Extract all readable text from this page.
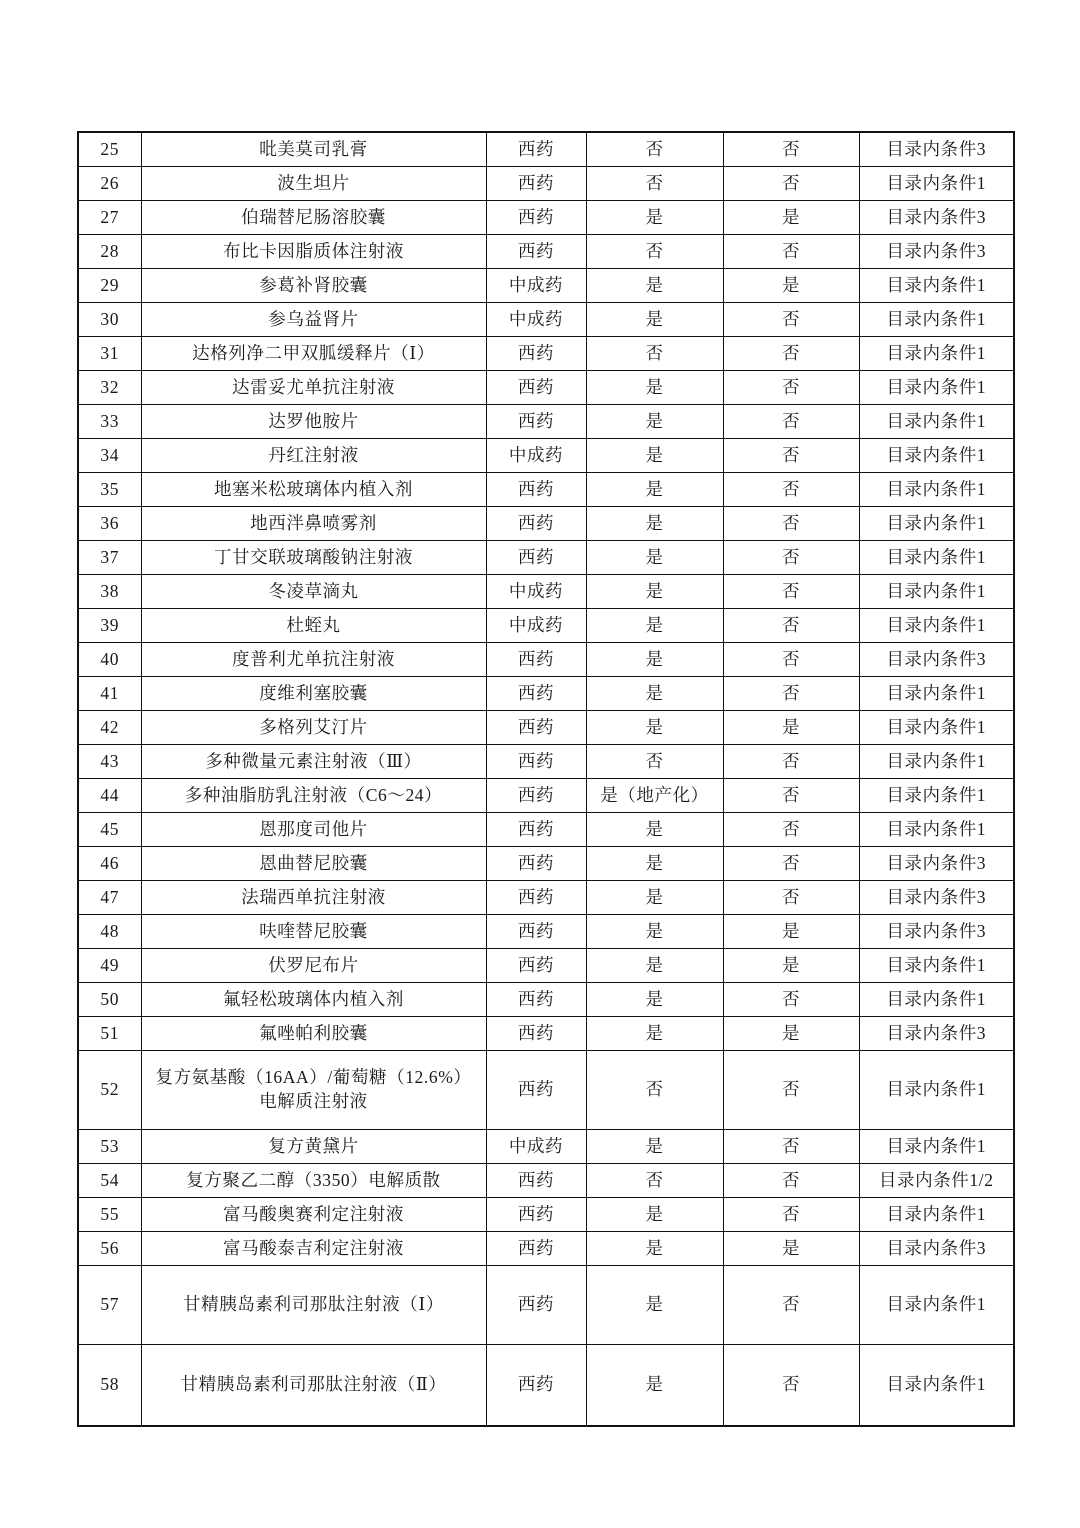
25	吡美莫司乳膏	西药	否	否	目录内条件3
26	波生坦片	西药	否	否	目录内条件1
27	伯瑞替尼肠溶胶囊	西药	是	是	目录内条件3
28	布比卡因脂质体注射液	西药	否	否	目录内条件3
29	参葛补肾胶囊	中成药	是	是	目录内条件1
30	参乌益肾片	中成药	是	否	目录内条件1
31	达格列净二甲双胍缓释片（Ⅰ）	西药	否	否	目录内条件1
32	达雷妥尤单抗注射液	西药	是	否	目录内条件1
33	达罗他胺片	西药	是	否	目录内条件1
34	丹红注射液	中成药	是	否	目录内条件1
35	地塞米松玻璃体内植入剂	西药	是	否	目录内条件1
36	地西泮鼻喷雾剂	西药	是	否	目录内条件1
37	丁甘交联玻璃酸钠注射液	西药	是	否	目录内条件1
38	冬凌草滴丸	中成药	是	否	目录内条件1
39	杜蛭丸	中成药	是	否	目录内条件1
40	度普利尤单抗注射液	西药	是	否	目录内条件3
41	度维利塞胶囊	西药	是	否	目录内条件1
42	多格列艾汀片	西药	是	是	目录内条件1
43	多种微量元素注射液（Ⅲ）	西药	否	否	目录内条件1
44	多种油脂肪乳注射液（C6～24）	西药	是（地产化）	否	目录内条件1
45	恩那度司他片	西药	是	否	目录内条件1
46	恩曲替尼胶囊	西药	是	否	目录内条件3
47	法瑞西单抗注射液	西药	是	否	目录内条件3
48	呋喹替尼胶囊	西药	是	是	目录内条件3
49	伏罗尼布片	西药	是	是	目录内条件1
50	氟轻松玻璃体内植入剂	西药	是	否	目录内条件1
51	氟唑帕利胶囊	西药	是	是	目录内条件3
52	复方氨基酸（16AA）/葡萄糖（12.6%）
电解质注射液	西药	否	否	目录内条件1
53	复方黄黛片	中成药	是	否	目录内条件1
54	复方聚乙二醇（3350）电解质散	西药	否	否	目录内条件1/2
55	富马酸奥赛利定注射液	西药	是	否	目录内条件1
56	富马酸泰吉利定注射液	西药	是	是	目录内条件3
57	甘精胰岛素利司那肽注射液（Ⅰ）	西药	是	否	目录内条件1
58	甘精胰岛素利司那肽注射液（Ⅱ）	西药	是	否	目录内条件1
